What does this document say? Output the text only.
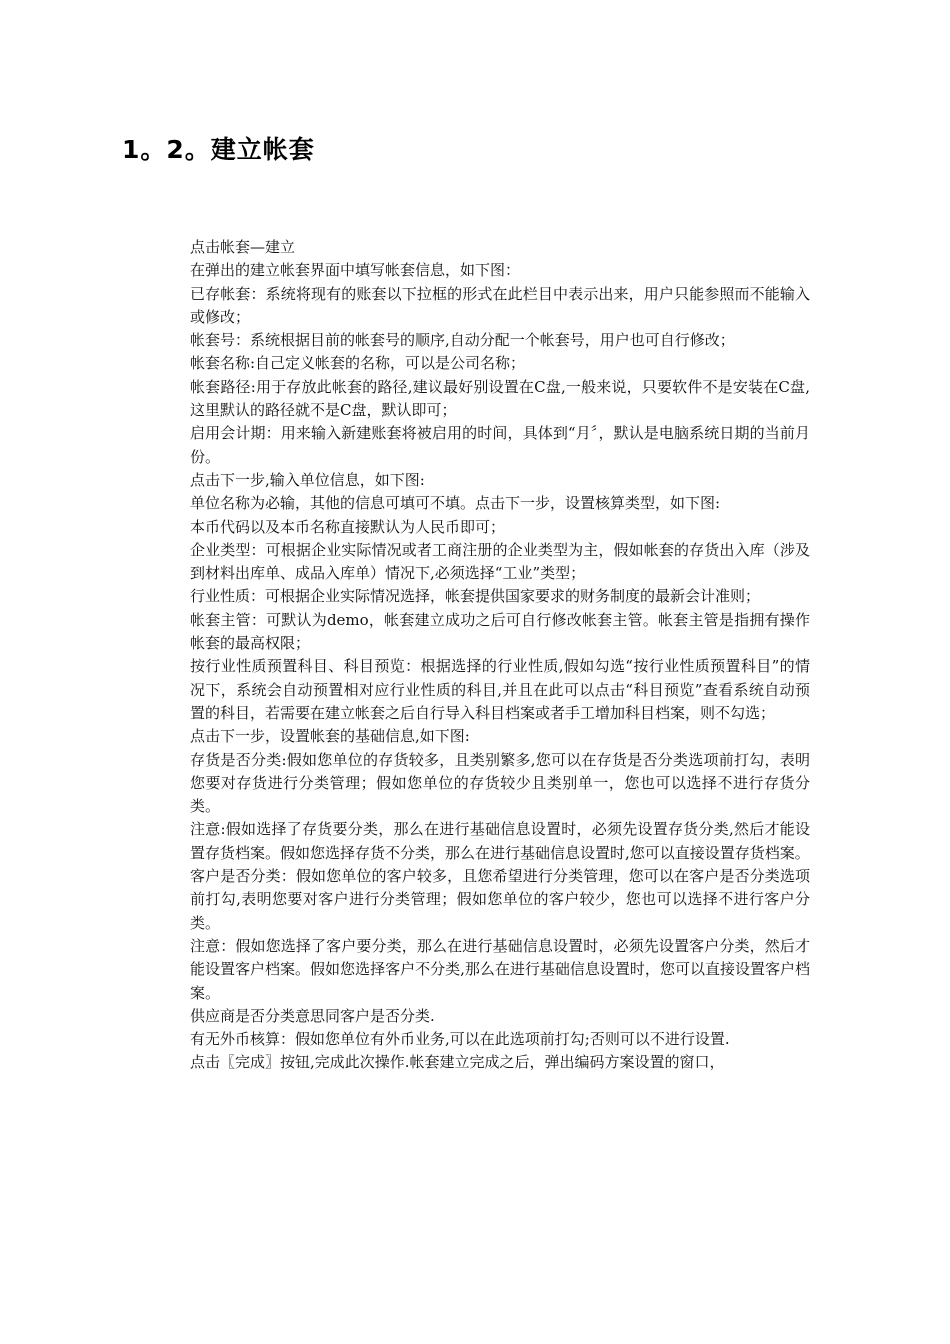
1。2。建立帐套

点击帐套—建立

在弹出的建立帐套界面中填写帐套信息，如下图：

已存帐套：系统将现有的账套以下拉框的形式在此栏目中表示出来，用户只能参照而不能输入或修改；

帐套号：系统根据目前的帐套号的顺序,自动分配一个帐套号，用户也可自行修改；

帐套名称:自己定义帐套的名称，可以是公司名称；

帐套路径:用于存放此帐套的路径,建议最好别设置在C盘,一般来说，只要软件不是安装在C盘,这里默认的路径就不是C盘，默认即可；

启用会计期：用来输入新建账套将被启用的时间，具体到“月〞，默认是电脑系统日期的当前月份。

点击下一步,输入单位信息，如下图:

单位名称为必输，其他的信息可填可不填。点击下一步，设置核算类型，如下图:

本币代码以及本币名称直接默认为人民币即可；

企业类型：可根据企业实际情况或者工商注册的企业类型为主，假如帐套的存货出入库（涉及到材料出库单、成品入库单）情况下,必须选择“工业”类型；

行业性质：可根据企业实际情况选择，帐套提供国家要求的财务制度的最新会计准则；

帐套主管：可默认为demo，帐套建立成功之后可自行修改帐套主管。帐套主管是指拥有操作帐套的最高权限；

按行业性质预置科目、科目预览：根据选择的行业性质,假如勾选“按行业性质预置科目”的情况下，系统会自动预置相对应行业性质的科目,并且在此可以点击“科目预览”查看系统自动预置的科目，若需要在建立帐套之后自行导入科目档案或者手工增加科目档案，则不勾选；

点击下一步，设置帐套的基础信息,如下图:

存货是否分类:假如您单位的存货较多，且类别繁多,您可以在存货是否分类选项前打勾，表明您要对存货进行分类管理；假如您单位的存货较少且类别单一，您也可以选择不进行存货分类。

注意:假如选择了存货要分类，那么在进行基础信息设置时，必须先设置存货分类,然后才能设置存货档案。假如您选择存货不分类，那么在进行基础信息设置时,您可以直接设置存货档案。

客户是否分类：假如您单位的客户较多，且您希望进行分类管理，您可以在客户是否分类选项前打勾,表明您要对客户进行分类管理；假如您单位的客户较少，您也可以选择不进行客户分类。

注意：假如您选择了客户要分类，那么在进行基础信息设置时，必须先设置客户分类，然后才能设置客户档案。假如您选择客户不分类,那么在进行基础信息设置时，您可以直接设置客户档案。

供应商是否分类意思同客户是否分类.

有无外币核算：假如您单位有外币业务,可以在此选项前打勾;否则可以不进行设置.

点击〖完成〗按钮,完成此次操作.帐套建立完成之后，弹出编码方案设置的窗口，
